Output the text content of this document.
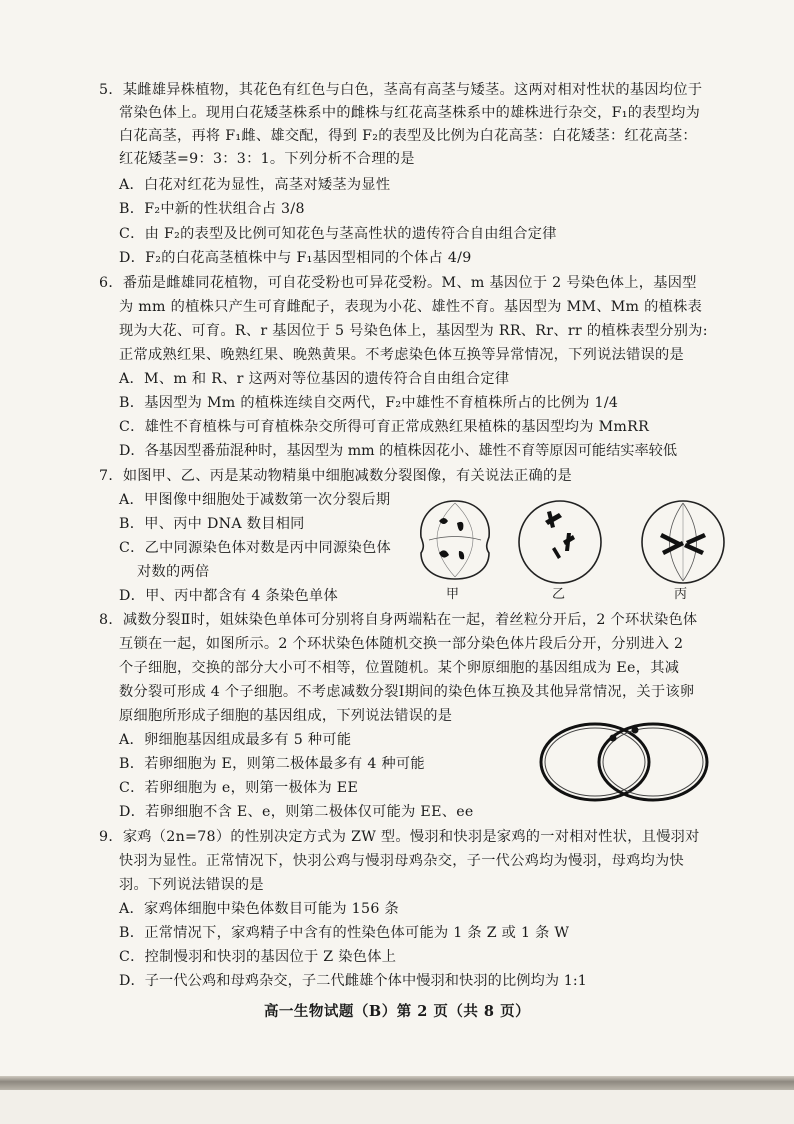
5．某雌雄异株植物，其花色有红色与白色，茎高有高茎与矮茎。这两对相对性状的基因均位于
常染色体上。现用白花矮茎株系中的雌株与红花高茎株系中的雄株进行杂交，F₁的表型均为
白花高茎，再将 F₁雌、雄交配，得到 F₂的表型及比例为白花高茎：白花矮茎：红花高茎：
红花矮茎=9：3：3：1。下列分析不合理的是
A．白花对红花为显性，高茎对矮茎为显性
B．F₂中新的性状组合占 3/8
C．由 F₂的表型及比例可知花色与茎高性状的遗传符合自由组合定律
D．F₂的白花高茎植株中与 F₁基因型相同的个体占 4/9
6．番茄是雌雄同花植物，可自花受粉也可异花受粉。M、m 基因位于 2 号染色体上，基因型
为 mm 的植株只产生可育雌配子，表现为小花、雄性不育。基因型为 MM、Mm 的植株表
现为大花、可育。R、r 基因位于 5 号染色体上，基因型为 RR、Rr、rr 的植株表型分别为:
正常成熟红果、晚熟红果、晚熟黄果。不考虑染色体互换等异常情况，下列说法错误的是
A．M、m 和 R、r 这两对等位基因的遗传符合自由组合定律
B．基因型为 Mm 的植株连续自交两代，F₂中雄性不育植株所占的比例为 1/4
C．雄性不育植株与可育植株杂交所得可育正常成熟红果植株的基因型均为 MmRR
D．各基因型番茄混种时，基因型为 mm 的植株因花小、雄性不育等原因可能结实率较低
7．如图甲、乙、丙是某动物精巢中细胞减数分裂图像，有关说法正确的是
A．甲图像中细胞处于减数第一次分裂后期
B．甲、丙中 DNA 数目相同
C．乙中同源染色体对数是丙中同源染色体
对数的两倍
D．甲、丙中都含有 4 条染色单体	甲	乙	丙
8．减数分裂Ⅱ时，姐妹染色单体可分别将自身两端粘在一起，着丝粒分开后，2 个环状染色体
互锁在一起，如图所示。2 个环状染色体随机交换一部分染色体片段后分开，分别进入 2
个子细胞，交换的部分大小可不相等，位置随机。某个卵原细胞的基因组成为 Ee，其减
数分裂可形成 4 个子细胞。不考虑减数分裂Ⅰ期间的染色体互换及其他异常情况，关于该卵
原细胞所形成子细胞的基因组成，下列说法错误的是
A．卵细胞基因组成最多有 5 种可能
B．若卵细胞为 E，则第二极体最多有 4 种可能
C．若卵细胞为 e，则第一极体为 EE
D．若卵细胞不含 E、e，则第二极体仅可能为 EE、ee
9．家鸡（2n=78）的性别决定方式为 ZW 型。慢羽和快羽是家鸡的一对相对性状，且慢羽对
快羽为显性。正常情况下，快羽公鸡与慢羽母鸡杂交，子一代公鸡均为慢羽，母鸡均为快
羽。下列说法错误的是
A．家鸡体细胞中染色体数目可能为 156 条
B．正常情况下，家鸡精子中含有的性染色体可能为 1 条 Z 或 1 条 W
C．控制慢羽和快羽的基因位于 Z 染色体上
D．子一代公鸡和母鸡杂交，子二代雌雄个体中慢羽和快羽的比例均为 1:1
高一生物试题（B）第 2 页（共 8 页）
